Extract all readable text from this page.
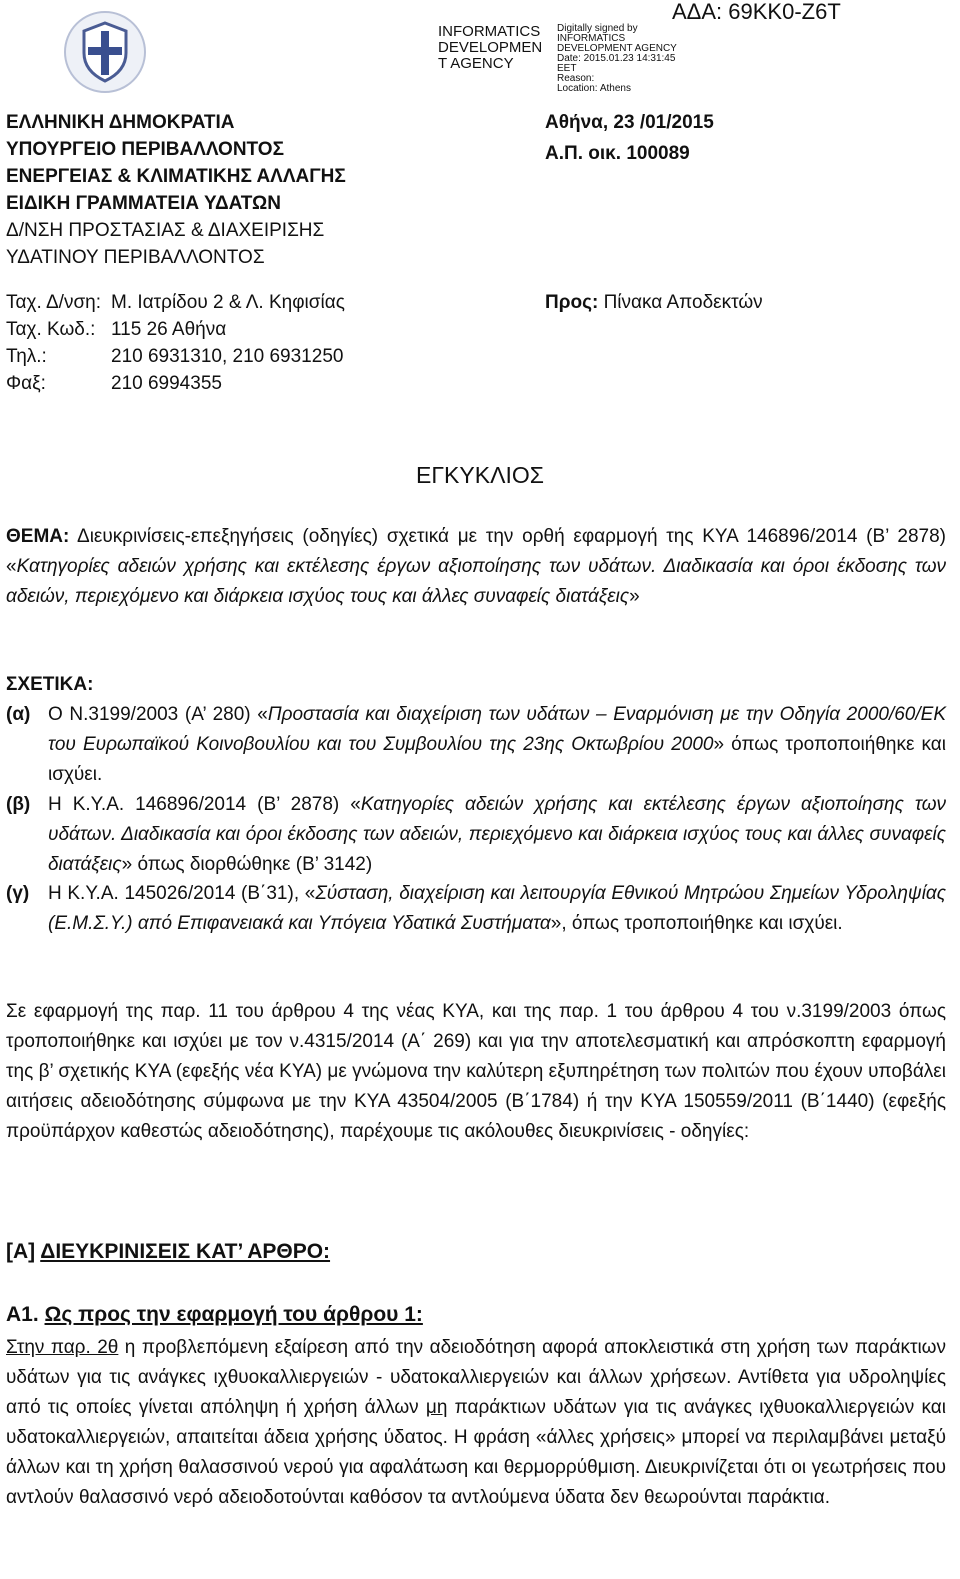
INFORMATICS
DEVELOPMEN
T AGENCY
Digitally signed by
INFORMATICS
DEVELOPMENT AGENCY
Date: 2015.01.23 14:31:45
EET
Reason:
Location: Athens
ΑΔΑ: 69ΚΚ0-Ζ6Τ
ΕΛΛΗΝΙΚΗ ΔΗΜΟΚΡΑΤΙΑ
ΥΠΟΥΡΓΕΙΟ ΠΕΡΙΒΑΛΛΟΝΤΟΣ
ΕΝΕΡΓΕΙΑΣ & ΚΛΙΜΑΤΙΚΗΣ ΑΛΛΑΓΗΣ
ΕΙΔΙΚΗ ΓΡΑΜΜΑΤΕΙΑ ΥΔΑΤΩΝ
Δ/ΝΣΗ ΠΡΟΣΤΑΣΙΑΣ & ΔΙΑΧΕΙΡΙΣΗΣ
ΥΔΑΤΙΝΟΥ ΠΕΡΙΒΑΛΛΟΝΤΟΣ
Αθήνα, 23 /01/2015
Α.Π. οικ. 100089
Ταχ. Δ/νση: Μ. Ιατρίδου 2 & Λ. Κηφισίας
Ταχ. Κωδ.: 115 26 Αθήνα
Τηλ.:	210 6931310, 210 6931250
Φαξ:	210 6994355
Προς: Πίνακα Αποδεκτών
ΕΓΚΥΚΛΙΟΣ
ΘΕΜΑ: Διευκρινίσεις-επεξηγήσεις (οδηγίες) σχετικά με την ορθή εφαρμογή της ΚΥΑ 146896/2014 (Β’ 2878) «Κατηγορίες αδειών χρήσης και εκτέλεσης έργων αξιοποίησης των υδάτων. Διαδικασία και όροι έκδοσης των αδειών, περιεχόμενο και διάρκεια ισχύος τους και άλλες συναφείς διατάξεις»
ΣΧΕΤΙΚΑ:
(α) Ο Ν.3199/2003 (Α’ 280) «Προστασία και διαχείριση των υδάτων – Εναρμόνιση με την Οδηγία 2000/60/ΕΚ του Ευρωπαϊκού Κοινοβουλίου και του Συμβουλίου της 23ης Οκτωβρίου 2000» όπως τροποποιήθηκε και ισχύει.
(β) Η Κ.Υ.Α. 146896/2014 (Β’ 2878) «Κατηγορίες αδειών χρήσης και εκτέλεσης έργων αξιοποίησης των υδάτων. Διαδικασία και όροι έκδοσης των αδειών, περιεχόμενο και διάρκεια ισχύος τους και άλλες συναφείς διατάξεις» όπως διορθώθηκε (Β’ 3142)
(γ) Η Κ.Υ.Α. 145026/2014 (Β΄31), «Σύσταση, διαχείριση και λειτουργία Εθνικού Μητρώου Σημείων Υδροληψίας (Ε.Μ.Σ.Υ.) από Επιφανειακά και Υπόγεια Υδατικά Συστήματα», όπως τροποποιήθηκε και ισχύει.
Σε εφαρμογή της παρ. 11 του άρθρου 4 της νέας ΚΥΑ, και της παρ. 1 του άρθρου 4 του ν.3199/2003 όπως τροποποιήθηκε και ισχύει με τον ν.4315/2014 (Α΄ 269) και για την αποτελεσματική και απρόσκοπτη εφαρμογή της β’ σχετικής ΚΥΑ (εφεξής νέα ΚΥΑ) με γνώμονα την καλύτερη εξυπηρέτηση των πολιτών που έχουν υποβάλει αιτήσεις αδειοδότησης σύμφωνα με την ΚΥΑ 43504/2005 (Β΄1784) ή την ΚΥΑ 150559/2011 (Β΄1440) (εφεξής προϋπάρχον καθεστώς αδειοδότησης), παρέχουμε τις ακόλουθες διευκρινίσεις - οδηγίες:
[Α] ΔΙΕΥΚΡΙΝΙΣΕΙΣ ΚΑΤ’ ΑΡΘΡΟ:
Α1. Ως προς την εφαρμογή του άρθρου 1:
Στην παρ. 2θ η προβλεπόμενη εξαίρεση από την αδειοδότηση αφορά αποκλειστικά στη χρήση των παράκτιων υδάτων για τις ανάγκες ιχθυοκαλλιεργειών - υδατοκαλλιεργειών και άλλων χρήσεων. Αντίθετα για υδροληψίες από τις οποίες γίνεται απόληψη ή χρήση άλλων μη παράκτιων υδάτων για τις ανάγκες ιχθυοκαλλιεργειών και υδατοκαλλιεργειών, απαιτείται άδεια χρήσης ύδατος. Η φράση «άλλες χρήσεις» μπορεί να περιλαμβάνει μεταξύ άλλων και τη χρήση θαλασσινού νερού για αφαλάτωση και θερμορρύθμιση. Διευκρινίζεται ότι οι γεωτρήσεις που αντλούν θαλασσινό νερό αδειοδοτούνται καθόσον τα αντλούμενα ύδατα δεν θεωρούνται παράκτια.
